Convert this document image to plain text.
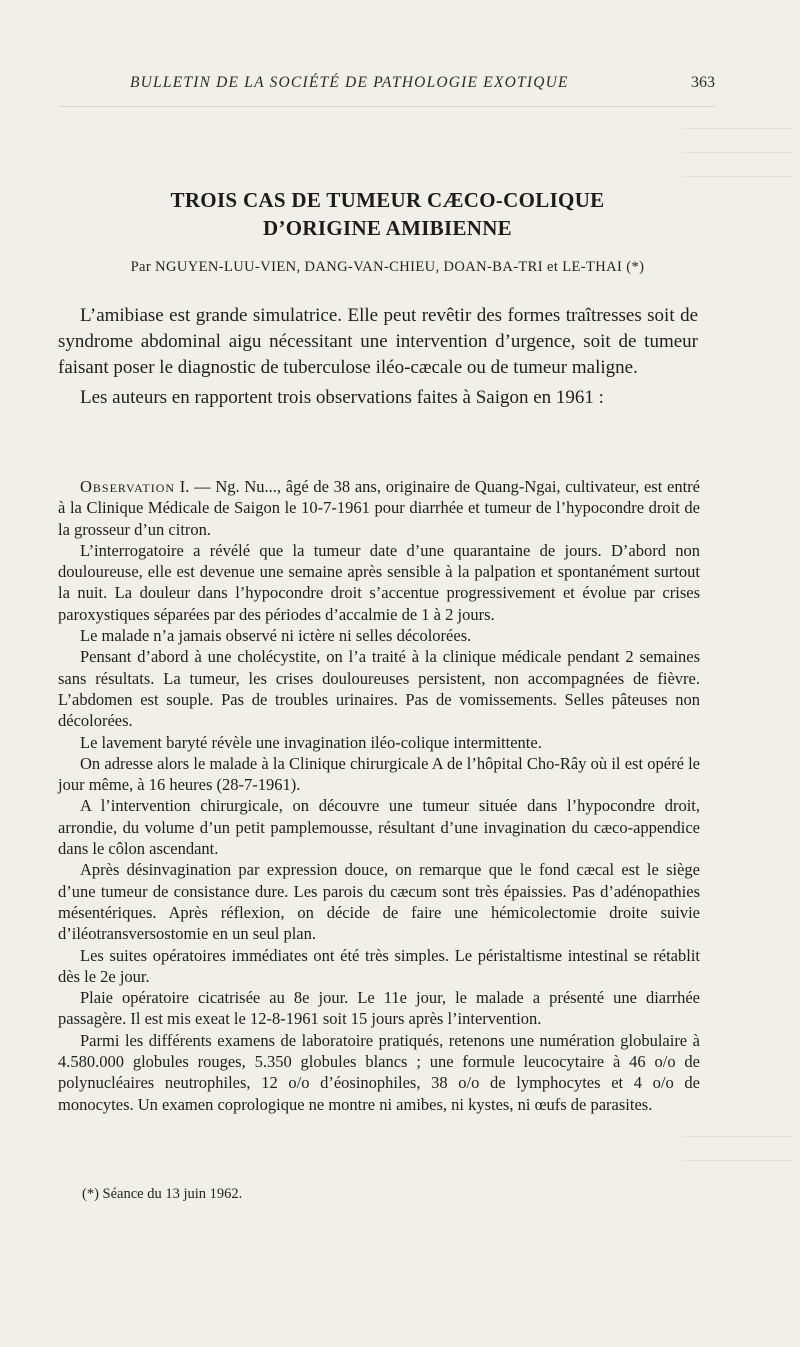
BULLETIN DE LA SOCIÉTÉ DE PATHOLOGIE EXOTIQUE	363
TROIS CAS DE TUMEUR CÆCO-COLIQUE
D’ORIGINE AMIBIENNE
Par NGUYEN-LUU-VIEN, DANG-VAN-CHIEU, DOAN-BA-TRI et LE-THAI (*)

L’amibiase est grande simulatrice. Elle peut revêtir des formes traîtresses soit de syndrome abdominal aigu nécessitant une intervention d’urgence, soit de tumeur faisant poser le diagnostic de tuberculose iléo-cæcale ou de tumeur maligne.

Les auteurs en rapportent trois observations faites à Saigon en 1961 :

Observation I. — Ng. Nu..., âgé de 38 ans, originaire de Quang-Ngai, cultivateur, est entré à la Clinique Médicale de Saigon le 10-7-1961 pour diarrhée et tumeur de l’hypocondre droit de la grosseur d’un citron.

L’interrogatoire a révélé que la tumeur date d’une quarantaine de jours. D’abord non douloureuse, elle est devenue une semaine après sensible à la palpation et spontanément surtout la nuit. La douleur dans l’hypocondre droit s’accentue progressivement et évolue par crises paroxystiques séparées par des périodes d’accalmie de 1 à 2 jours.

Le malade n’a jamais observé ni ictère ni selles décolorées.

Pensant d’abord à une cholécystite, on l’a traité à la clinique médicale pendant 2 semaines sans résultats. La tumeur, les crises douloureuses persistent, non accompagnées de fièvre. L’abdomen est souple. Pas de troubles urinaires. Pas de vomissements. Selles pâteuses non décolorées.

Le lavement baryté révèle une invagination iléo-colique intermittente.

On adresse alors le malade à la Clinique chirurgicale A de l’hôpital Cho-Rây où il est opéré le jour même, à 16 heures (28-7-1961).

A l’intervention chirurgicale, on découvre une tumeur située dans l’hypocondre droit, arrondie, du volume d’un petit pamplemousse, résultant d’une invagination du cæco-appendice dans le côlon ascendant.

Après désinvagination par expression douce, on remarque que le fond cæcal est le siège d’une tumeur de consistance dure. Les parois du cæcum sont très épaissies. Pas d’adénopathies mésentériques. Après réflexion, on décide de faire une hémicolectomie droite suivie d’iléotransversostomie en un seul plan.

Les suites opératoires immédiates ont été très simples. Le péristaltisme intestinal se rétablit dès le 2e jour.

Plaie opératoire cicatrisée au 8e jour. Le 11e jour, le malade a présenté une diarrhée passagère. Il est mis exeat le 12-8-1961 soit 15 jours après l’intervention.

Parmi les différents examens de laboratoire pratiqués, retenons une numération globulaire à 4.580.000 globules rouges, 5.350 globules blancs ; une formule leucocytaire à 46 o/o de polynucléaires neutrophiles, 12 o/o d’éosinophiles, 38 o/o de lymphocytes et 4 o/o de monocytes. Un examen coprologique ne montre ni amibes, ni kystes, ni œufs de parasites.

(*) Séance du 13 juin 1962.
